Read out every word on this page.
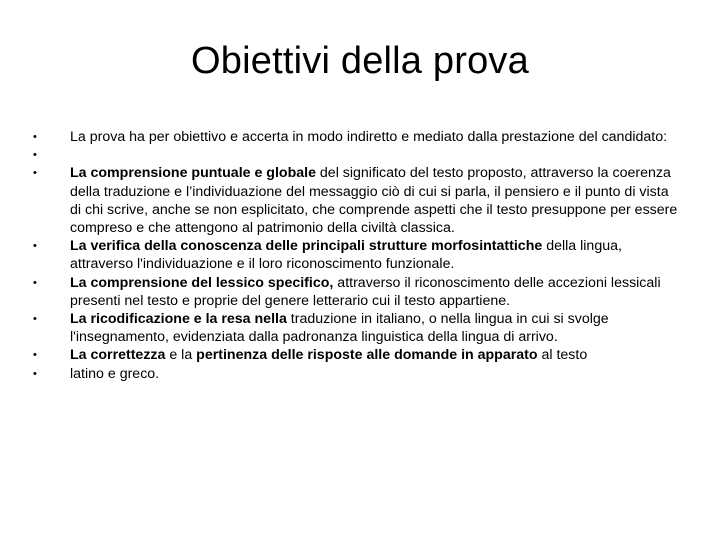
Obiettivi della prova
•	La prova ha per obiettivo e accerta in modo indiretto e mediato dalla prestazione del candidato:
•

•	La comprensione puntuale e globale del significato del testo proposto, attraverso la coerenza della traduzione e l’individuazione del messaggio ciò di cui si parla, il pensiero e il punto di vista di chi scrive, anche se non esplicitato, che comprende aspetti che il testo presuppone per essere compreso e che attengono al patrimonio della civiltà classica.
•	La verifica della conoscenza delle principali strutture morfosintattiche della lingua, attraverso l'individuazione e il loro riconoscimento funzionale.
•	La comprensione del lessico specifico, attraverso il riconoscimento delle accezioni lessicali presenti nel testo e proprie del genere letterario cui il testo appartiene.
•	La ricodificazione e la resa nella traduzione in italiano, o nella lingua in cui si svolge l'insegnamento, evidenziata dalla padronanza linguistica della lingua di arrivo.
•	La correttezza e la pertinenza delle risposte alle domande in apparato al testo
•	latino e greco.
